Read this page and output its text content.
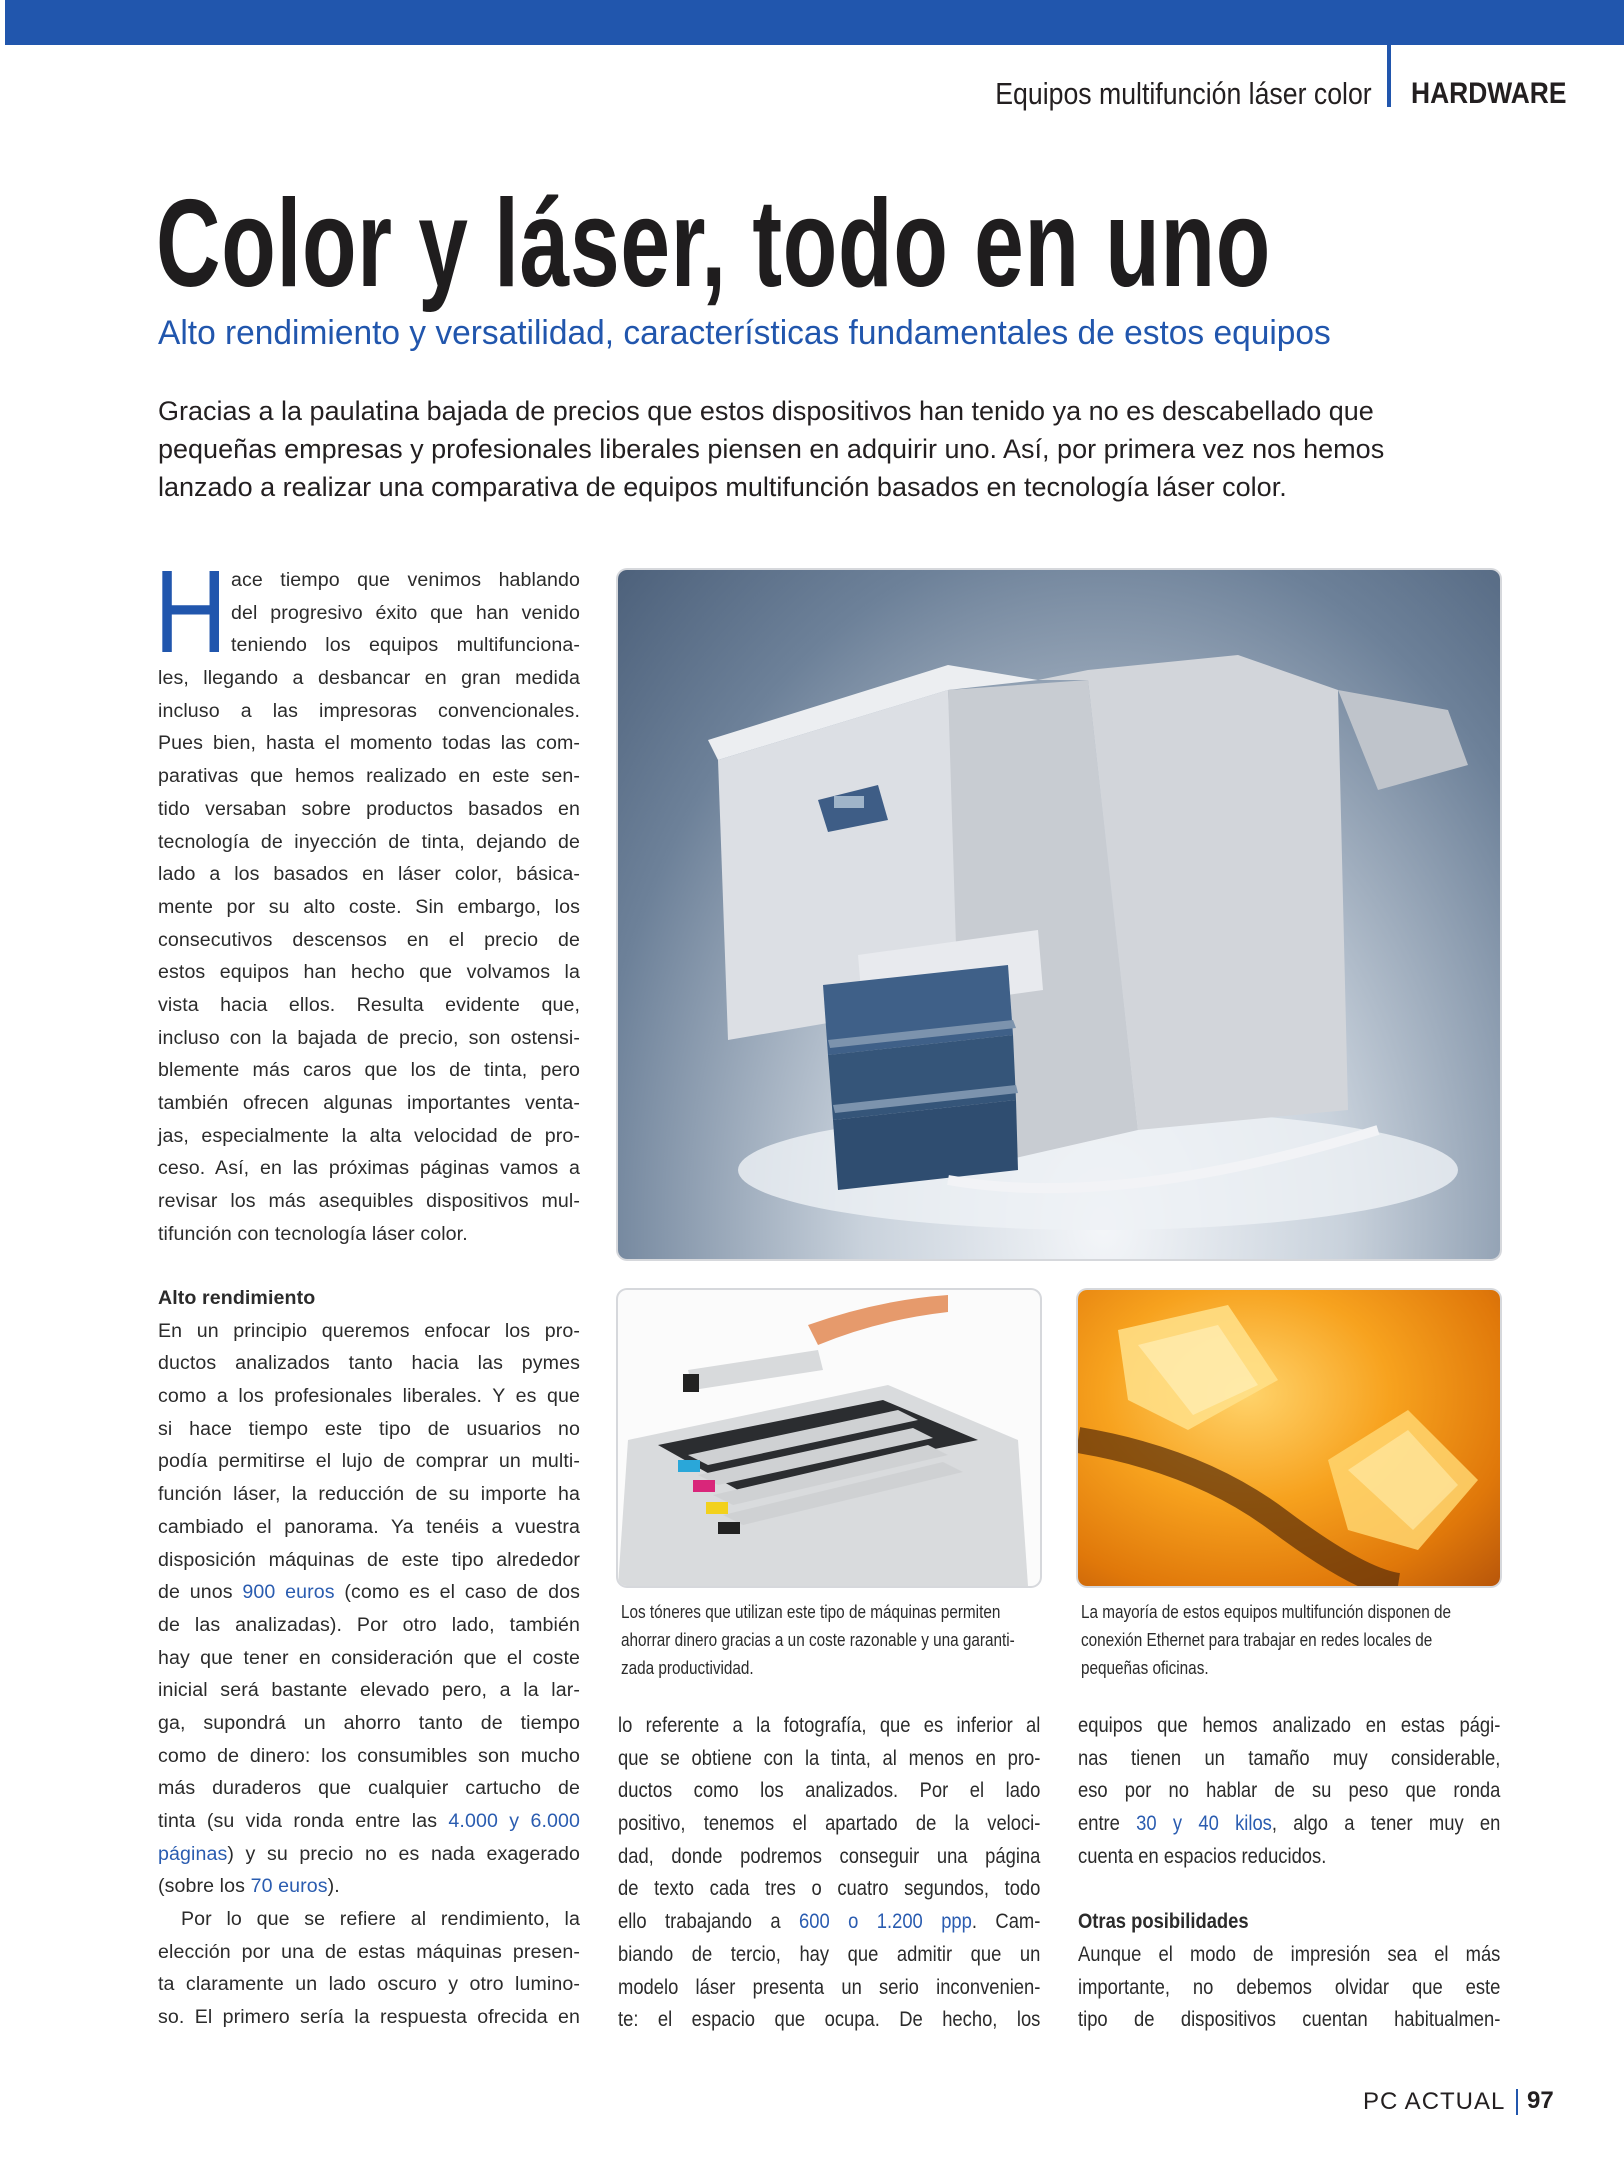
Equipos multifunción láser color HARDWARE
Color y láser, todo en uno
Alto rendimiento y versatilidad, características fundamentales de estos equipos
Gracias a la paulatina bajada de precios que estos dispositivos han tenido ya no es descabellado que
pequeñas empresas y profesionales liberales piensen en adquirir uno. Así, por primera vez nos hemos
lanzado a realizar una comparativa de equipos multifunción basados en tecnología láser color.
H ace tiempo que venimos hablando
del progresivo éxito que han venido
teniendo los equipos multifunciona-
les, llegando a desbancar en gran medida
incluso a las impresoras convencionales.
Pues bien, hasta el momento todas las com-
parativas que hemos realizado en este sen-
tido versaban sobre productos basados en
tecnología de inyección de tinta, dejando de
lado a los basados en láser color, básica-
mente por su alto coste. Sin embargo, los
consecutivos descensos en el precio de
estos equipos han hecho que volvamos la
vista hacia ellos. Resulta evidente que,
incluso con la bajada de precio, son ostensi-
blemente más caros que los de tinta, pero
también ofrecen algunas importantes venta-
jas, especialmente la alta velocidad de pro-
ceso. Así, en las próximas páginas vamos a
revisar los más asequibles dispositivos mul-
tifunción con tecnología láser color.
Alto rendimiento
En un principio queremos enfocar los pro-
ductos analizados tanto hacia las pymes
como a los profesionales liberales. Y es que
si hace tiempo este tipo de usuarios no
podía permitirse el lujo de comprar un multi-
función láser, la reducción de su importe ha
cambiado el panorama. Ya tenéis a vuestra
disposición máquinas de este tipo alrededor
de unos 900 euros (como es el caso de dos
de las analizadas). Por otro lado, también
hay que tener en consideración que el coste
inicial será bastante elevado pero, a la lar-
ga, supondrá un ahorro tanto de tiempo
como de dinero: los consumibles son mucho
más duraderos que cualquier cartucho de
tinta (su vida ronda entre las 4.000 y 6.000
páginas) y su precio no es nada exagerado
(sobre los 70 euros).
Por lo que se refiere al rendimiento, la
elección por una de estas máquinas presen-
ta claramente un lado oscuro y otro lumino-
so. El primero sería la respuesta ofrecida en
lo referente a la fotografía, que es inferior al
que se obtiene con la tinta, al menos en pro-
ductos como los analizados. Por el lado
positivo, tenemos el apartado de la veloci-
dad, donde podremos conseguir una página
de texto cada tres o cuatro segundos, todo
ello trabajando a 600 o 1.200 ppp. Cam-
biando de tercio, hay que admitir que un
modelo láser presenta un serio inconvenien-
te: el espacio que ocupa. De hecho, los
equipos que hemos analizado en estas pági-
nas tienen un tamaño muy considerable,
eso por no hablar de su peso que ronda
entre 30 y 40 kilos, algo a tener muy en
cuenta en espacios reducidos.
Otras posibilidades
Aunque el modo de impresión sea el más
importante, no debemos olvidar que este
tipo de dispositivos cuentan habitualmen-
Los tóneres que utilizan este tipo de máquinas permiten
ahorrar dinero gracias a un coste razonable y una garanti-
zada productividad.
La mayoría de estos equipos multifunción disponen de
conexión Ethernet para trabajar en redes locales de
pequeñas oficinas.
PC ACTUAL 97
